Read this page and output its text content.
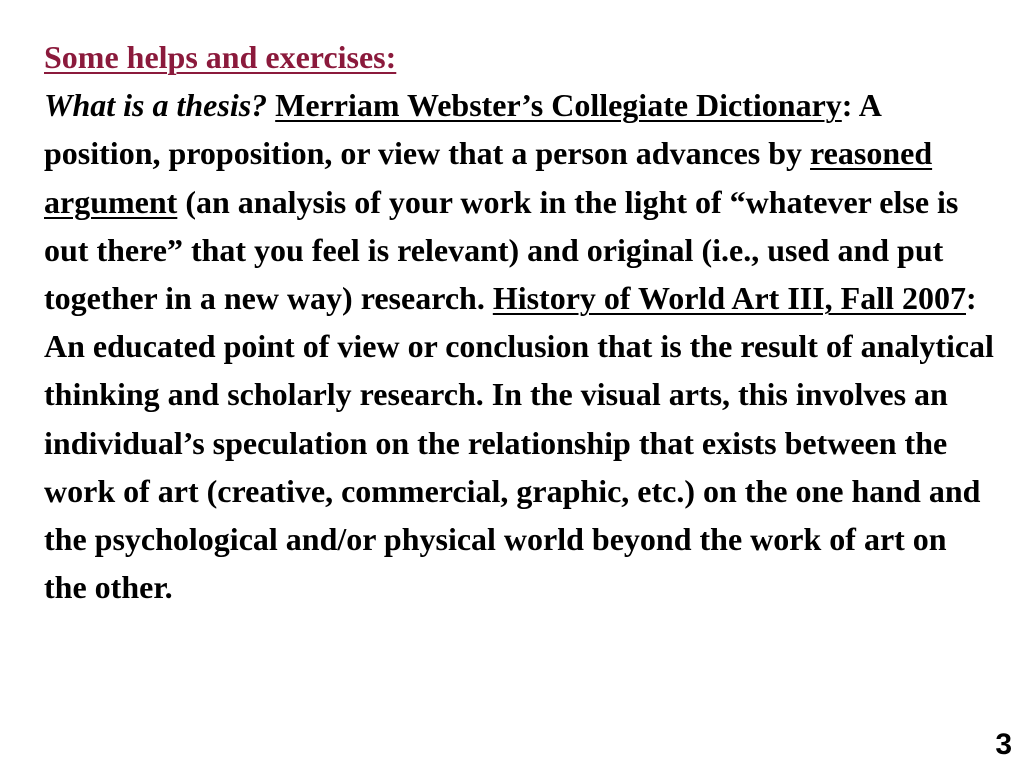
Some helps and exercises:

What is a thesis? Merriam Webster’s Collegiate Dictionary: A position, proposition, or view that a person advances by reasoned argument (an analysis of your work in the light of “whatever else is out there” that you feel is relevant) and original (i.e., used and put together in a new way) research. History of World Art III, Fall 2007: An educated point of view or conclusion that is the result of analytical thinking and scholarly research. In the visual arts, this involves an individual’s speculation on the relationship that exists between the work of art (creative, commercial, graphic, etc.) on the one hand and the psychological and/or physical world beyond the work of art on the other.

3
